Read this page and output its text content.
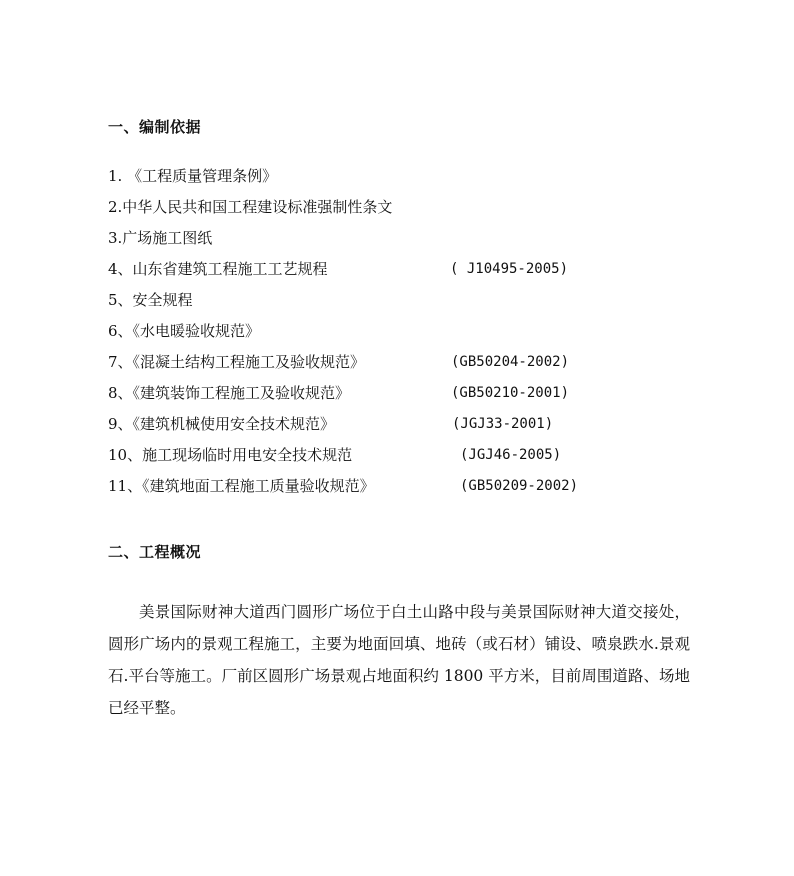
一、编制依据
1. 《工程质量管理条例》
2.中华人民共和国工程建设标准强制性条文
3.广场施工图纸
4、山东省建筑工程施工工艺规程	( J10495-2005)
5、安全规程
6、《水电暖验收规范》
7、《混凝土结构工程施工及验收规范》	(GB50204-2002)
8、《建筑装饰工程施工及验收规范》	(GB50210-2001)
9、《建筑机械使用安全技术规范》	(JGJ33-2001)
10、施工现场临时用电安全技术规范	(JGJ46-2005)
11、《建筑地面工程施工质量验收规范》	(GB50209-2002)
二、工程概况

美景国际财神大道西门圆形广场位于白土山路中段与美景国际财神大道交接处， 圆形广场内的景观工程施工，主要为地面回填、地砖（或石材）铺设、喷泉跌水.景观石.平台等施工。厂前区圆形广场景观占地面积约 1800 平方米，目前周围道路、场地已经平整。
